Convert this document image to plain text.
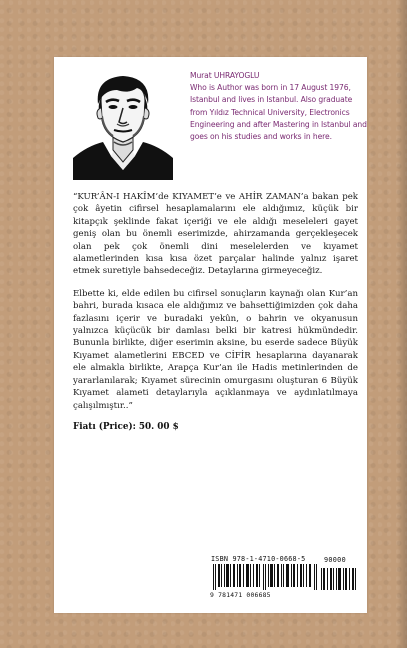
Murat UHRAYOGLU
Who is Author was born in 17 August 1976, Istanbul and lives in Istanbul. Also graduate from Yıldız Technical University, Electronics Engineering and after Mastering in Istanbul and goes on his studies and works in here.

“KUR’ÂN-I HAKÎM’de KIYAMET’e ve AHİR ZAMAN’a bakan pek çok âyetin cifirsel hesaplamalarını ele aldığımız, küçük bir kitapçık şeklinde fakat içeriği ve ele aldığı meseleleri gayet geniş olan bu önemli eserimizde, ahirzamanda gerçekleşecek olan pek çok önemli dini meselelerden ve kıyamet alametlerinden kısa kısa özet parçalar halinde yalnız işaret etmek suretiyle bahsedeceğiz. Detaylarına girmeyeceğiz.

Elbette ki, elde edilen bu cifirsel sonuçların kaynağı olan Kur’an bahri, burada kısaca ele aldığımız ve bahsettiğimizden çok daha fazlasını içerir ve buradaki yekûn, o bahrin ve okyanusun yalnızca küçücük bir damlası belki bir katresi hükmündedir. Bununla birlikte, diğer eserimin aksine, bu eserde sadece Büyük Kıyamet alametlerini EBCED ve CİFİR hesaplarına dayanarak ele almakla birlikte, Arapça Kur’an ile Hadis metinlerinden de yararlanılarak; Kıyamet sürecinin omurgasını oluşturan 6 Büyük Kıyamet alameti detaylarıyla açıklanmaya ve aydınlatılmaya çalışılmıştır..”

Fiatı (Price): 50. 00 $
ISBN 978-1-4710-0668-5	90000
9 781471 006685
